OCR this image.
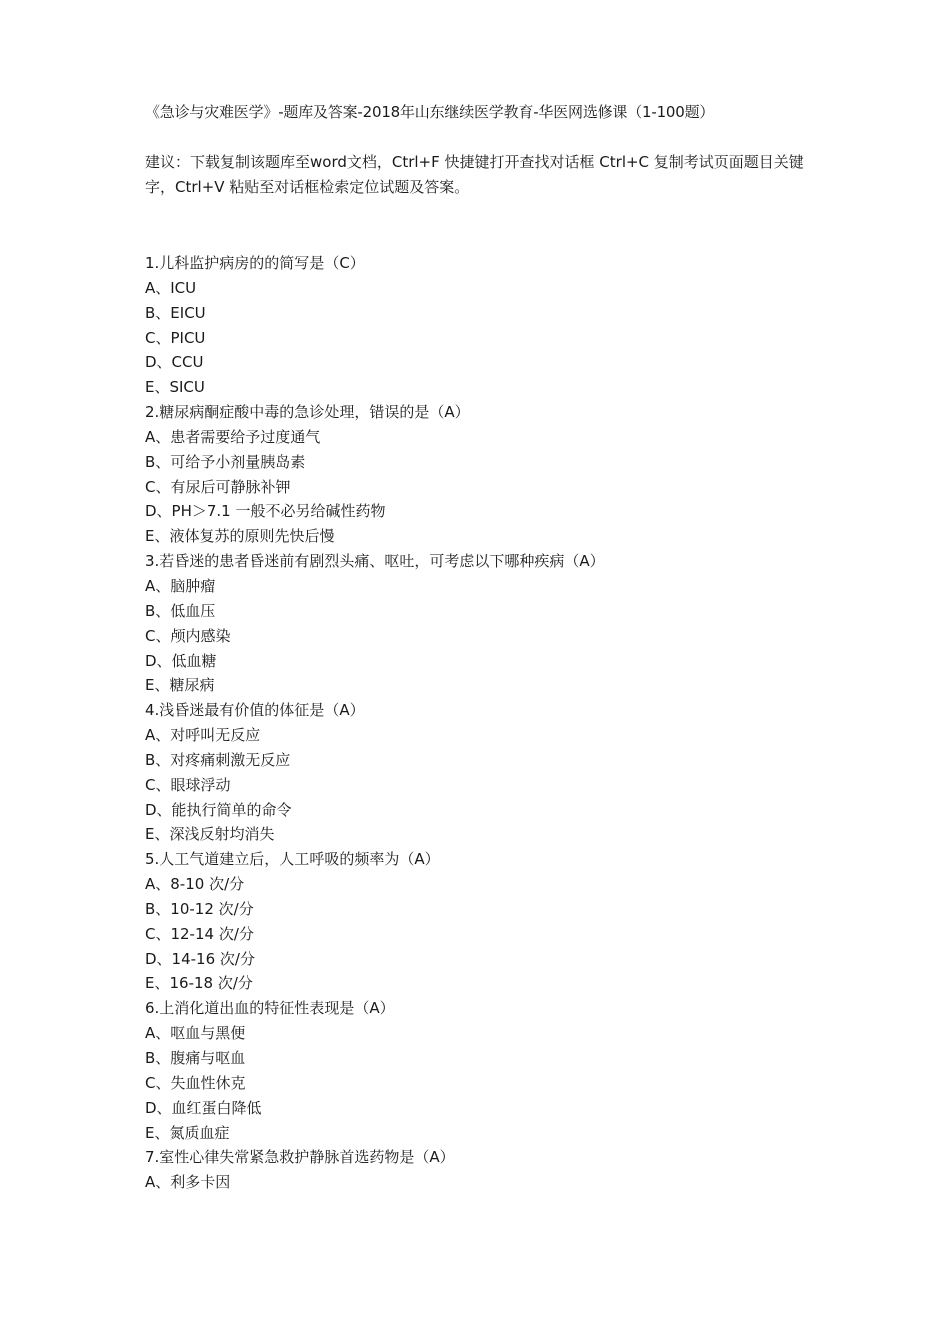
《急诊与灾难医学》-题库及答案-2018年山东继续医学教育-华医网选修课（1-100题）

建议：下载复制该题库至word文档，Ctrl+F 快捷键打开查找对话框 Ctrl+C 复制考试页面题目关键字，Ctrl+V 粘贴至对话框检索定位试题及答案。

1.儿科监护病房的的简写是（C）
A、ICU
B、EICU
C、PICU
D、CCU
E、SICU
2.糖尿病酮症酸中毒的急诊处理，错误的是（A）
A、患者需要给予过度通气
B、可给予小剂量胰岛素
C、有尿后可静脉补钾
D、PH＞7.1 一般不必另给碱性药物
E、液体复苏的原则先快后慢
3.若昏迷的患者昏迷前有剧烈头痛、呕吐，可考虑以下哪种疾病（A）
A、脑肿瘤
B、低血压
C、颅内感染
D、低血糖
E、糖尿病
4.浅昏迷最有价值的体征是（A）
A、对呼叫无反应
B、对疼痛刺激无反应
C、眼球浮动
D、能执行简单的命令
E、深浅反射均消失
5.人工气道建立后，人工呼吸的频率为（A）
A、8-10 次/分
B、10-12 次/分
C、12-14 次/分
D、14-16 次/分
E、16-18 次/分
6.上消化道出血的特征性表现是（A）
A、呕血与黑便
B、腹痛与呕血
C、失血性休克
D、血红蛋白降低
E、氮质血症
7.室性心律失常紧急救护静脉首选药物是（A）
A、利多卡因
